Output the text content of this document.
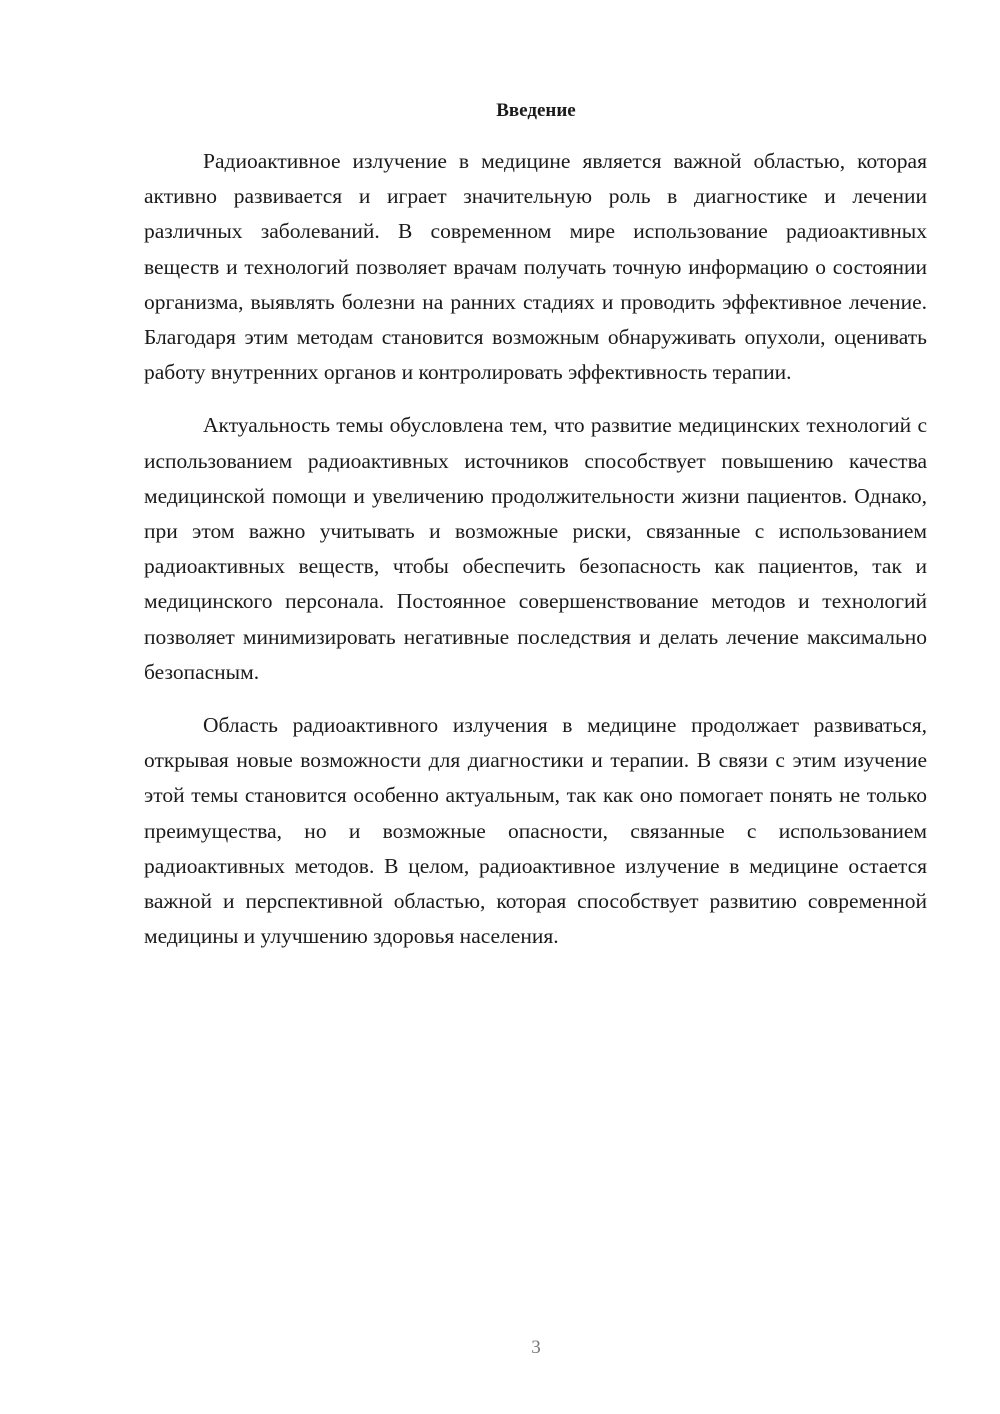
Введение

Радиоактивное излучение в медицине является важной областью, которая активно развивается и играет значительную роль в диагностике и лечении различных заболеваний. В современном мире использование радиоактивных веществ и технологий позволяет врачам получать точную информацию о состоянии организма, выявлять болезни на ранних стадиях и проводить эффективное лечение. Благодаря этим методам становится возможным обнаруживать опухоли, оценивать работу внутренних органов и контролировать эффективность терапии.

Актуальность темы обусловлена тем, что развитие медицинских технологий с использованием радиоактивных источников способствует повышению качества медицинской помощи и увеличению продолжительности жизни пациентов. Однако, при этом важно учитывать и возможные риски, связанные с использованием радиоактивных веществ, чтобы обеспечить безопасность как пациентов, так и медицинского персонала. Постоянное совершенствование методов и технологий позволяет минимизировать негативные последствия и делать лечение максимально безопасным.

Область радиоактивного излучения в медицине продолжает развиваться, открывая новые возможности для диагностики и терапии. В связи с этим изучение этой темы становится особенно актуальным, так как оно помогает понять не только преимущества, но и возможные опасности, связанные с использованием радиоактивных методов. В целом, радиоактивное излучение в медицине остается важной и перспективной областью, которая способствует развитию современной медицины и улучшению здоровья населения.

3
